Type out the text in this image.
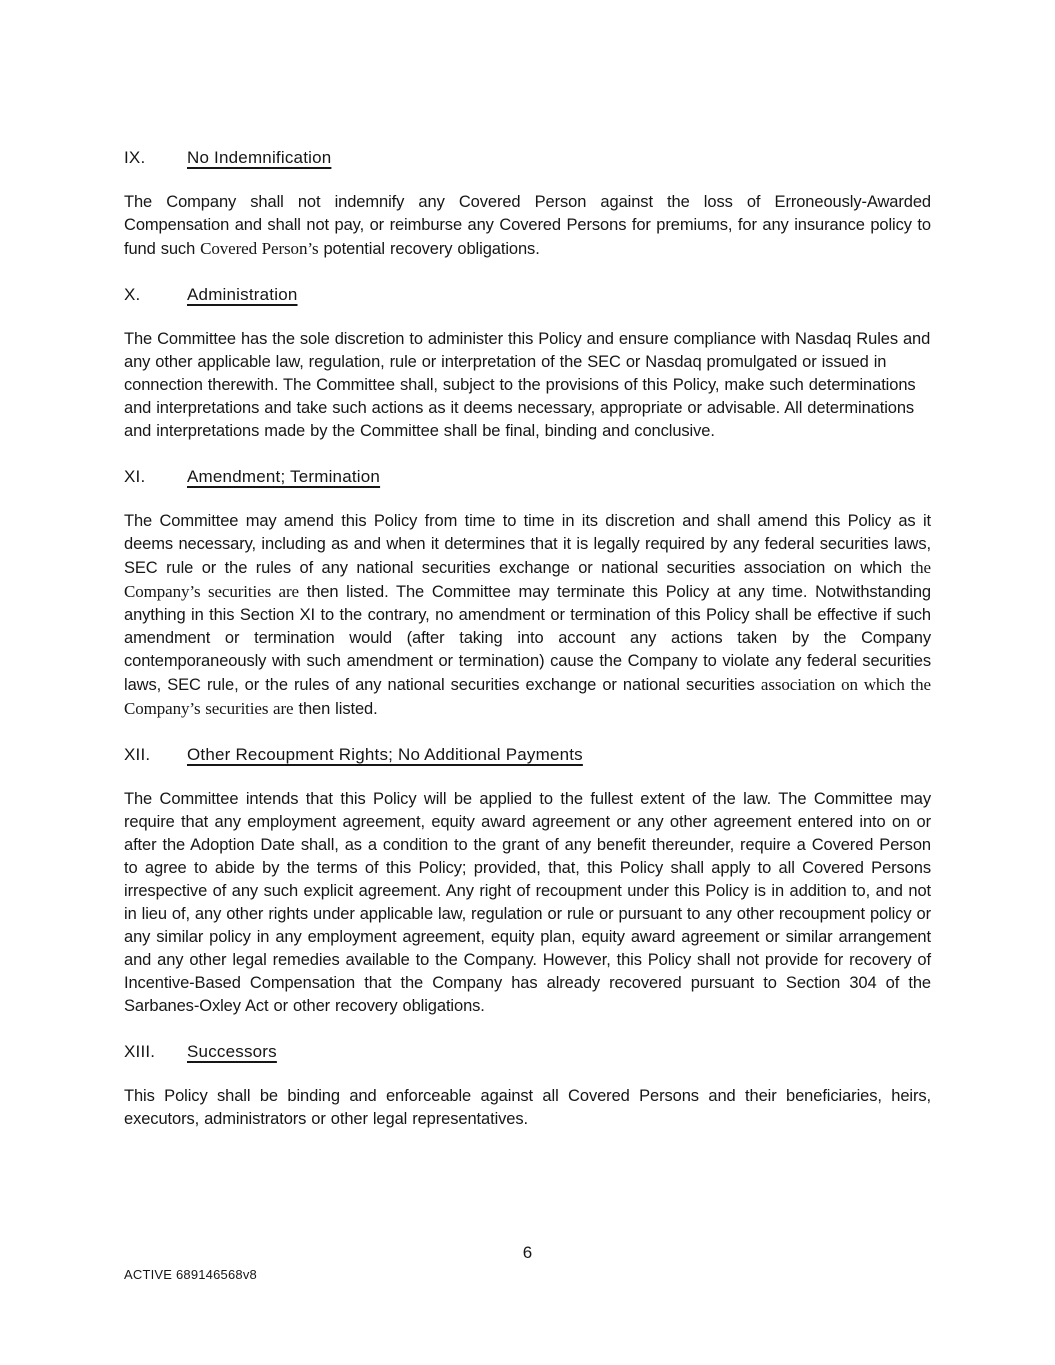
IX.	No Indemnification

The Company shall not indemnify any Covered Person against the loss of Erroneously-Awarded Compensation and shall not pay, or reimburse any Covered Persons for premiums, for any insurance policy to fund such Covered Person’s potential recovery obligations.

X.	Administration

The Committee has the sole discretion to administer this Policy and ensure compliance with Nasdaq Rules and any other applicable law, regulation, rule or interpretation of the SEC or Nasdaq promulgated or issued in connection therewith. The Committee shall, subject to the provisions of this Policy, make such determinations and interpretations and take such actions as it deems necessary, appropriate or advisable. All determinations and interpretations made by the Committee shall be final, binding and conclusive.

XI.	Amendment; Termination

The Committee may amend this Policy from time to time in its discretion and shall amend this Policy as it deems necessary, including as and when it determines that it is legally required by any federal securities laws, SEC rule or the rules of any national securities exchange or national securities association on which the Company’s securities are then listed. The Committee may terminate this Policy at any time. Notwithstanding anything in this Section XI to the contrary, no amendment or termination of this Policy shall be effective if such amendment or termination would (after taking into account any actions taken by the Company contemporaneously with such amendment or termination) cause the Company to violate any federal securities laws, SEC rule, or the rules of any national securities exchange or national securities association on which the Company’s securities are then listed.

XII.	Other Recoupment Rights; No Additional Payments

The Committee intends that this Policy will be applied to the fullest extent of the law. The Committee may require that any employment agreement, equity award agreement or any other agreement entered into on or after the Adoption Date shall, as a condition to the grant of any benefit thereunder, require a Covered Person to agree to abide by the terms of this Policy; provided, that, this Policy shall apply to all Covered Persons irrespective of any such explicit agreement. Any right of recoupment under this Policy is in addition to, and not in lieu of, any other rights under applicable law, regulation or rule or pursuant to any other recoupment policy or any similar policy in any employment agreement, equity plan, equity award agreement or similar arrangement and any other legal remedies available to the Company. However, this Policy shall not provide for recovery of Incentive-Based Compensation that the Company has already recovered pursuant to Section 304 of the Sarbanes-Oxley Act or other recovery obligations.

XIII.	Successors

This Policy shall be binding and enforceable against all Covered Persons and their beneficiaries, heirs, executors, administrators or other legal representatives.

6
ACTIVE 689146568v8
